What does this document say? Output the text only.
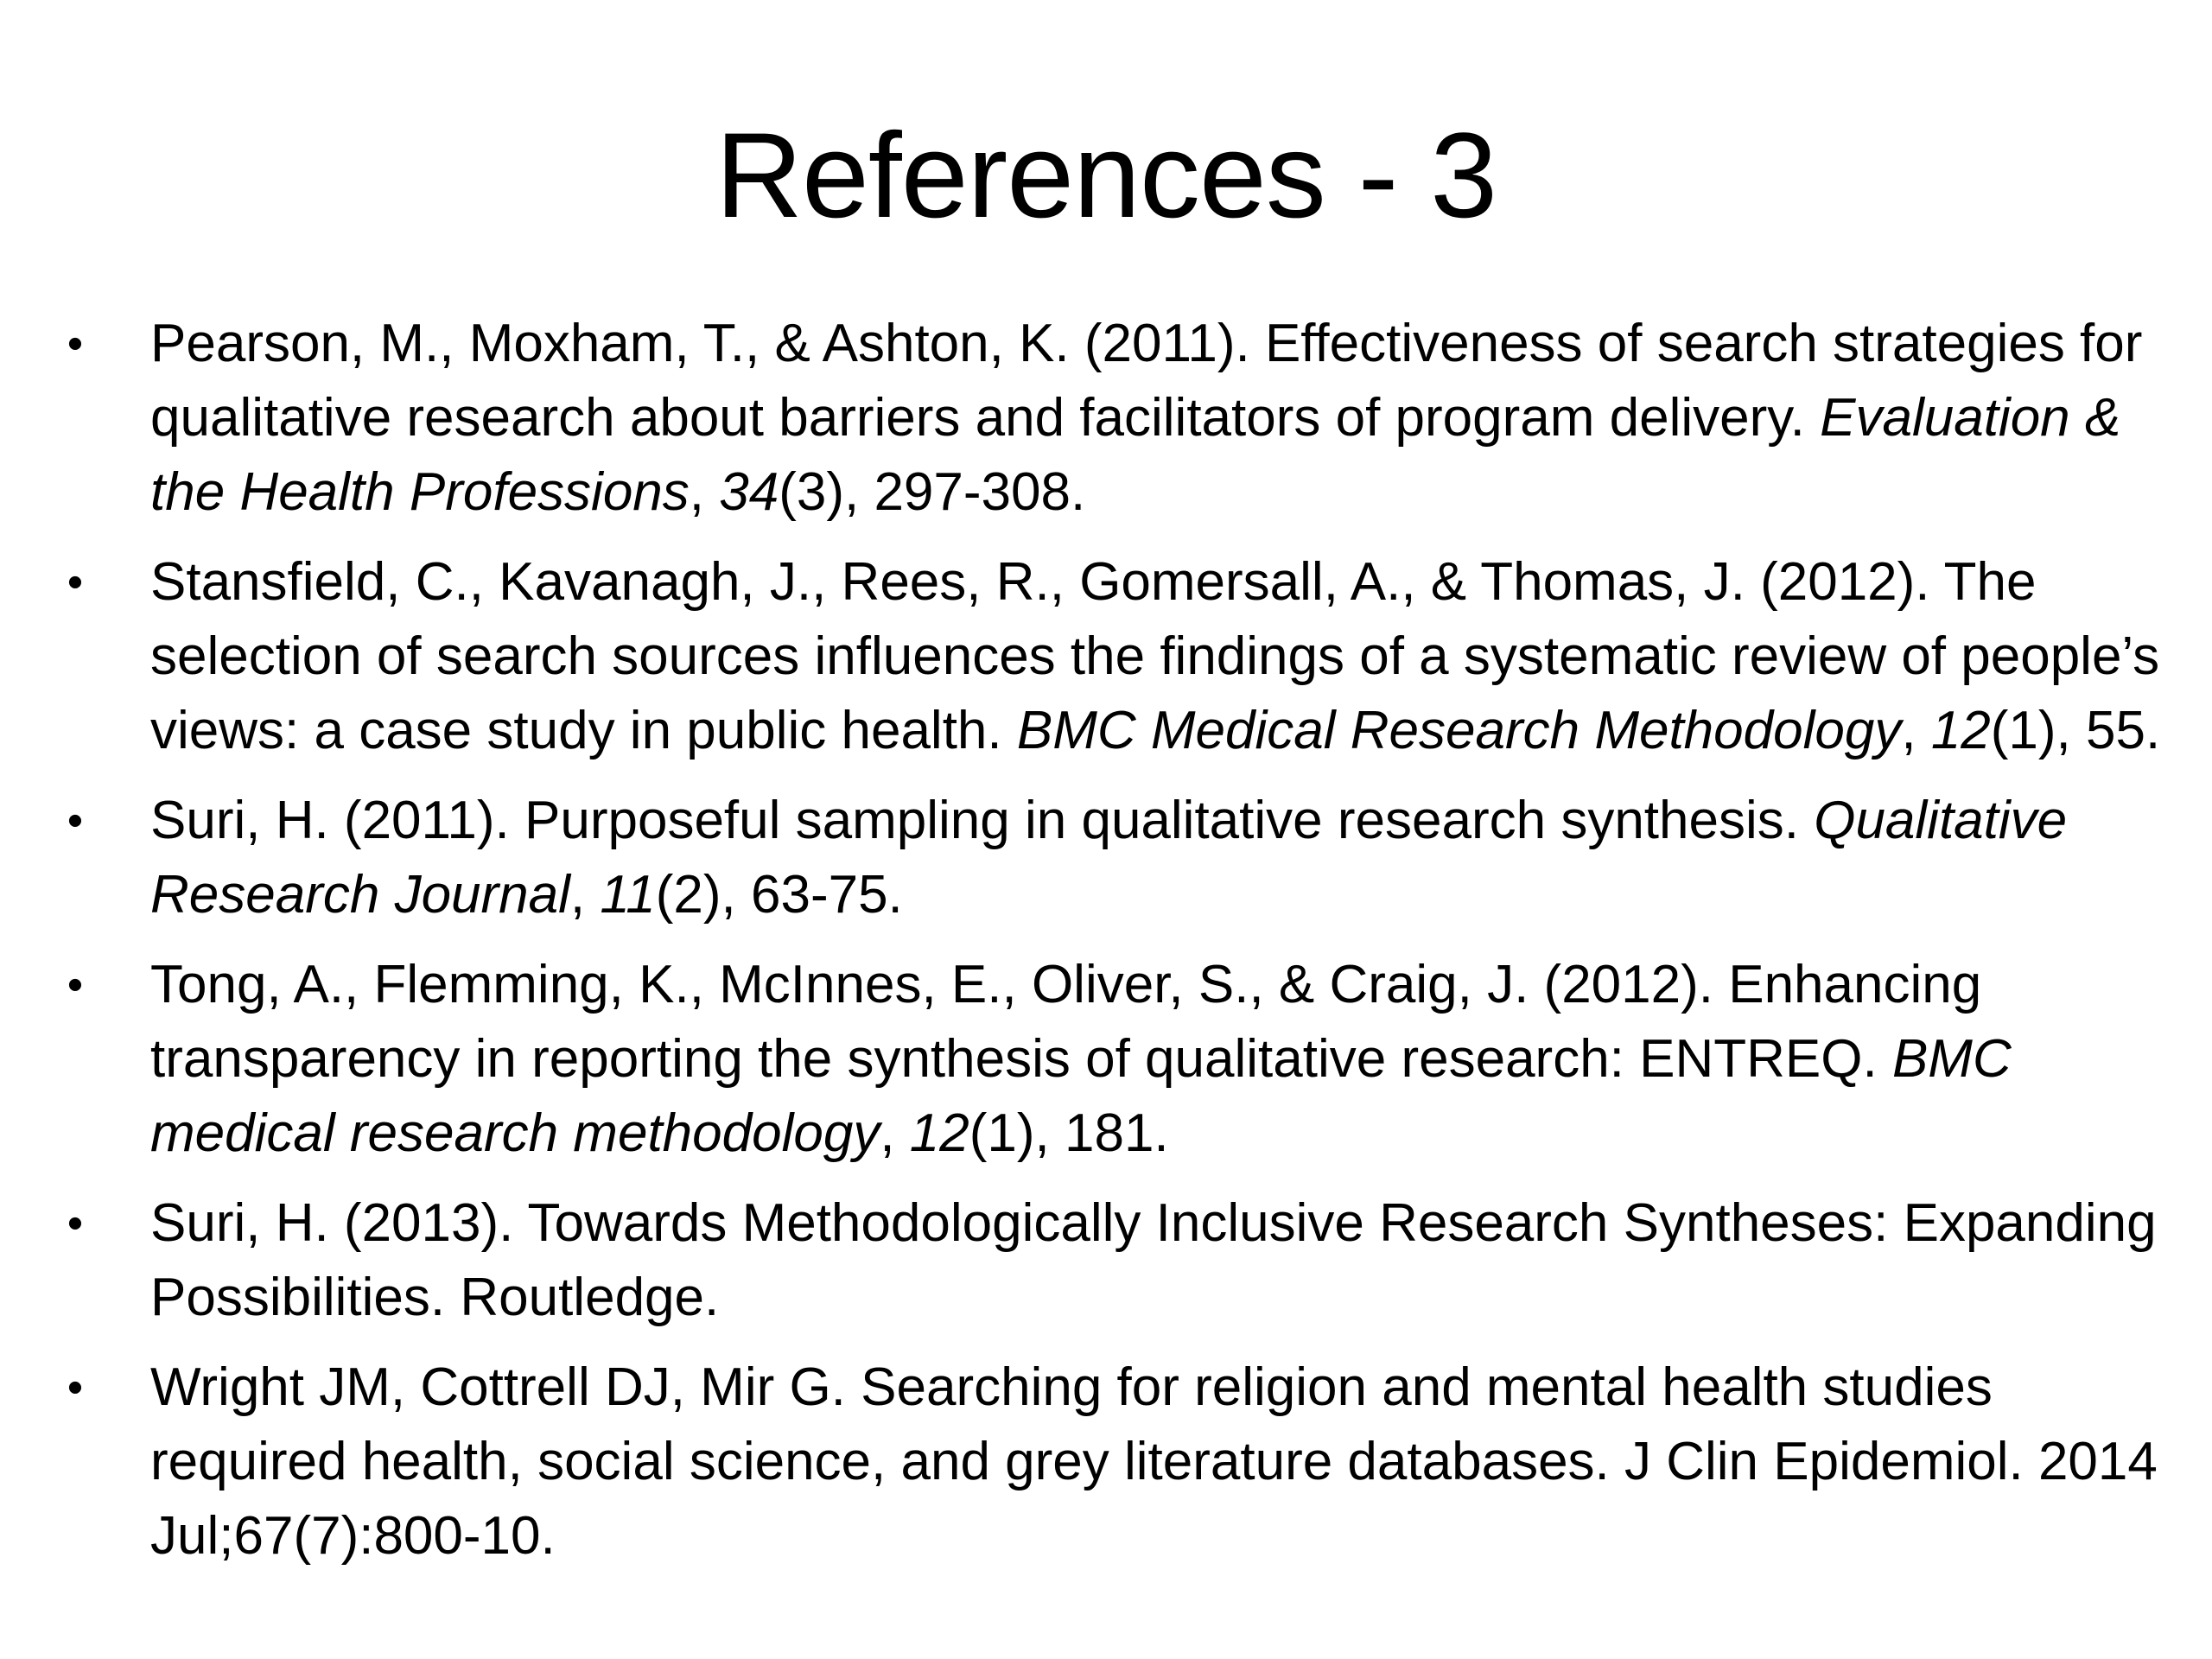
References - 3
• Pearson, M., Moxham, T., & Ashton, K. (2011). Effectiveness of search strategies for qualitative research about barriers and facilitators of program delivery. Evaluation & the Health Professions, 34(3), 297-308.
• Stansfield, C., Kavanagh, J., Rees, R., Gomersall, A., & Thomas, J. (2012). The selection of search sources influences the findings of a systematic review of people’s views: a case study in public health. BMC Medical Research Methodology, 12(1), 55.
• Suri, H. (2011). Purposeful sampling in qualitative research synthesis. Qualitative Research Journal, 11(2), 63-75.
• Tong, A., Flemming, K., McInnes, E., Oliver, S., & Craig, J. (2012). Enhancing transparency in reporting the synthesis of qualitative research: ENTREQ. BMC medical research methodology, 12(1), 181.
• Suri, H. (2013). Towards Methodologically Inclusive Research Syntheses: Expanding Possibilities. Routledge.
• Wright JM, Cottrell DJ, Mir G. Searching for religion and mental health studies required health, social science, and grey literature databases. J Clin Epidemiol. 2014 Jul;67(7):800-10.
